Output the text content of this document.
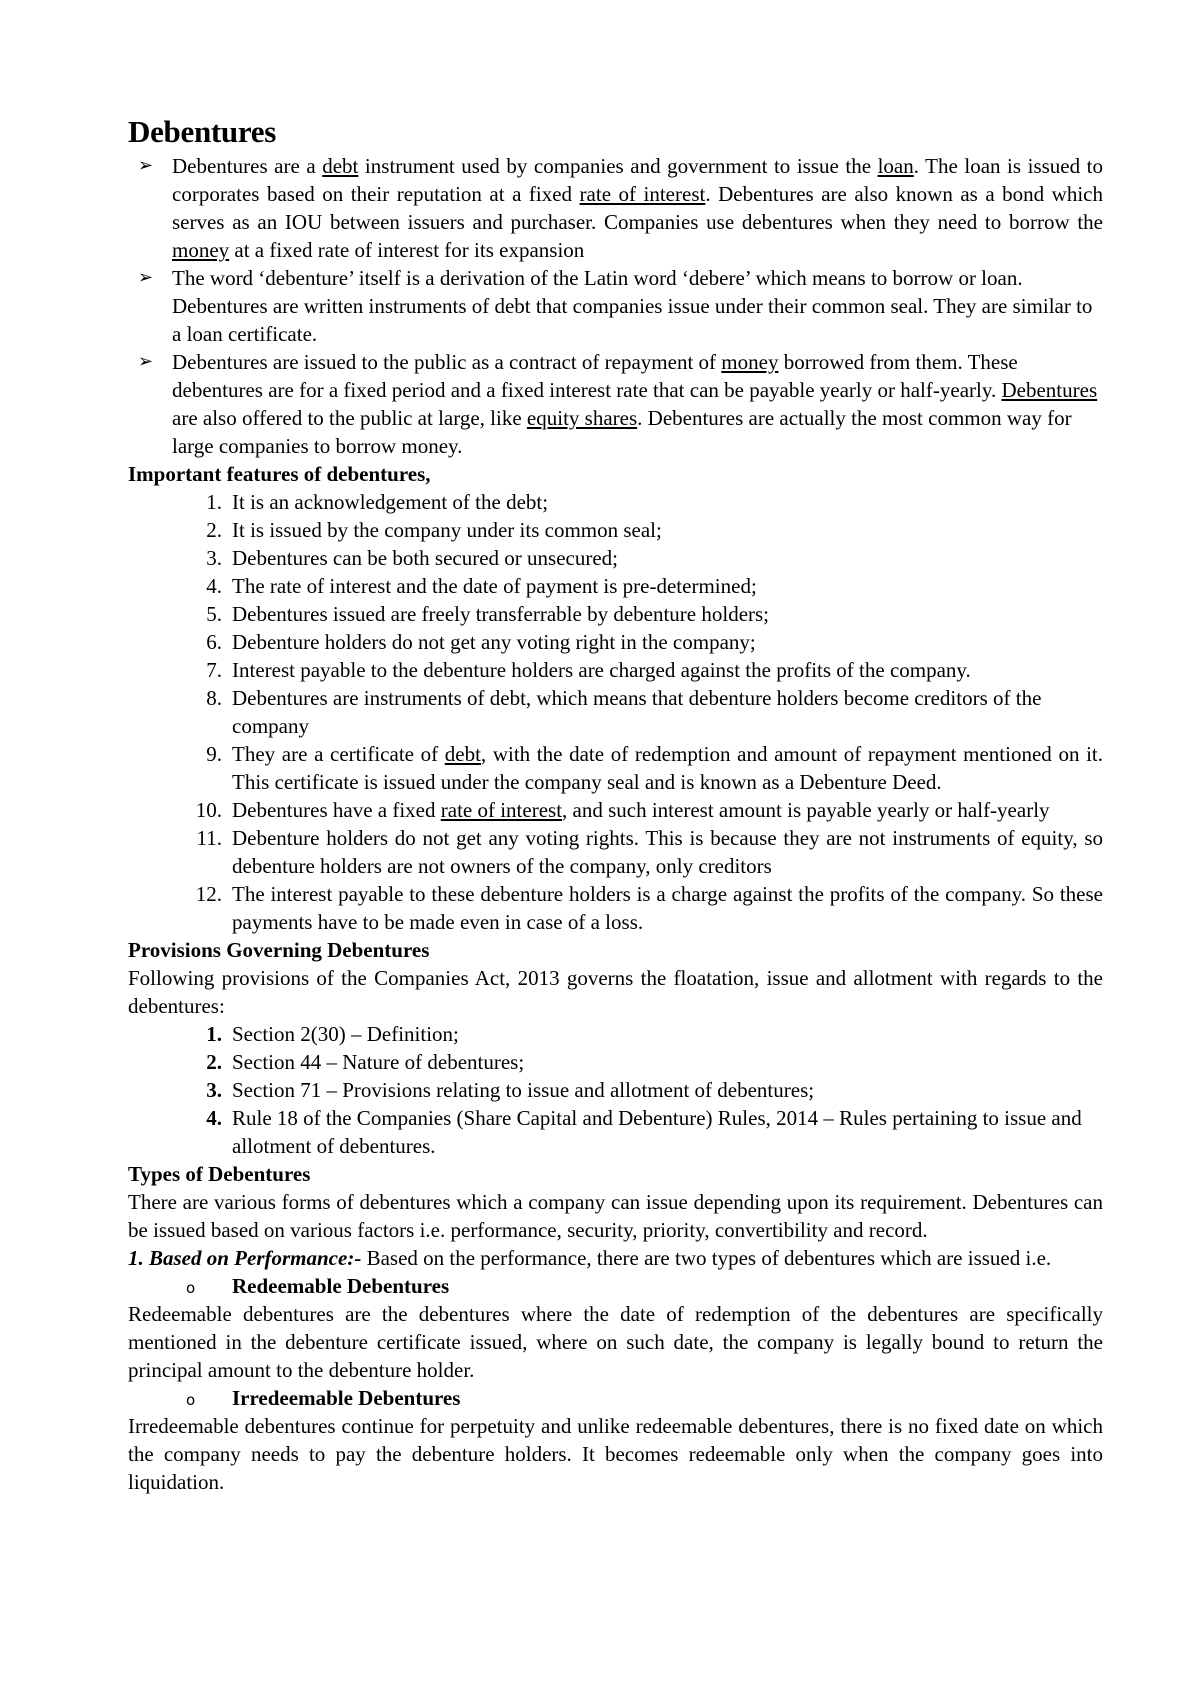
Debentures
➢ Debentures are a debt instrument used by companies and government to issue the loan. The loan is issued to corporates based on their reputation at a fixed rate of interest. Debentures are also known as a bond which serves as an IOU between issuers and purchaser. Companies use debentures when they need to borrow the money at a fixed rate of interest for its expansion
➢ The word ‘debenture’ itself is a derivation of the Latin word ‘debere’ which means to borrow or loan. Debentures are written instruments of debt that companies issue under their common seal. They are similar to a loan certificate.
➢ Debentures are issued to the public as a contract of repayment of money borrowed from them. These debentures are for a fixed period and a fixed interest rate that can be payable yearly or half-yearly. Debentures are also offered to the public at large, like equity shares. Debentures are actually the most common way for large companies to borrow money.

Important features of debentures,

1. It is an acknowledgement of the debt;
2. It is issued by the company under its common seal;
3. Debentures can be both secured or unsecured;
4. The rate of interest and the date of payment is pre-determined;
5. Debentures issued are freely transferrable by debenture holders;
6. Debenture holders do not get any voting right in the company;
7. Interest payable to the debenture holders are charged against the profits of the company.
8. Debentures are instruments of debt, which means that debenture holders become creditors of the company
9. They are a certificate of debt, with the date of redemption and amount of repayment mentioned on it. This certificate is issued under the company seal and is known as a Debenture Deed.
10. Debentures have a fixed rate of interest, and such interest amount is payable yearly or half-yearly
11. Debenture holders do not get any voting rights. This is because they are not instruments of equity, so debenture holders are not owners of the company, only creditors
12. The interest payable to these debenture holders is a charge against the profits of the company. So these payments have to be made even in case of a loss.

Provisions Governing Debentures

Following provisions of the Companies Act, 2013 governs the floatation, issue and allotment with regards to the debentures:

1. Section 2(30) – Definition;
2. Section 44 – Nature of debentures;
3. Section 71 – Provisions relating to issue and allotment of debentures;
4. Rule 18 of the Companies (Share Capital and Debenture) Rules, 2014 – Rules pertaining to issue and allotment of debentures.

Types of Debentures

There are various forms of debentures which a company can issue depending upon its requirement. Debentures can be issued based on various factors i.e. performance, security, priority, convertibility and record.

1. Based on Performance:- Based on the performance, there are two types of debentures which are issued i.e.

o Redeemable Debentures

Redeemable debentures are the debentures where the date of redemption of the debentures are specifically mentioned in the debenture certificate issued, where on such date, the company is legally bound to return the principal amount to the debenture holder.

o Irredeemable Debentures

Irredeemable debentures continue for perpetuity and unlike redeemable debentures, there is no fixed date on which the company needs to pay the debenture holders. It becomes redeemable only when the company goes into liquidation.
